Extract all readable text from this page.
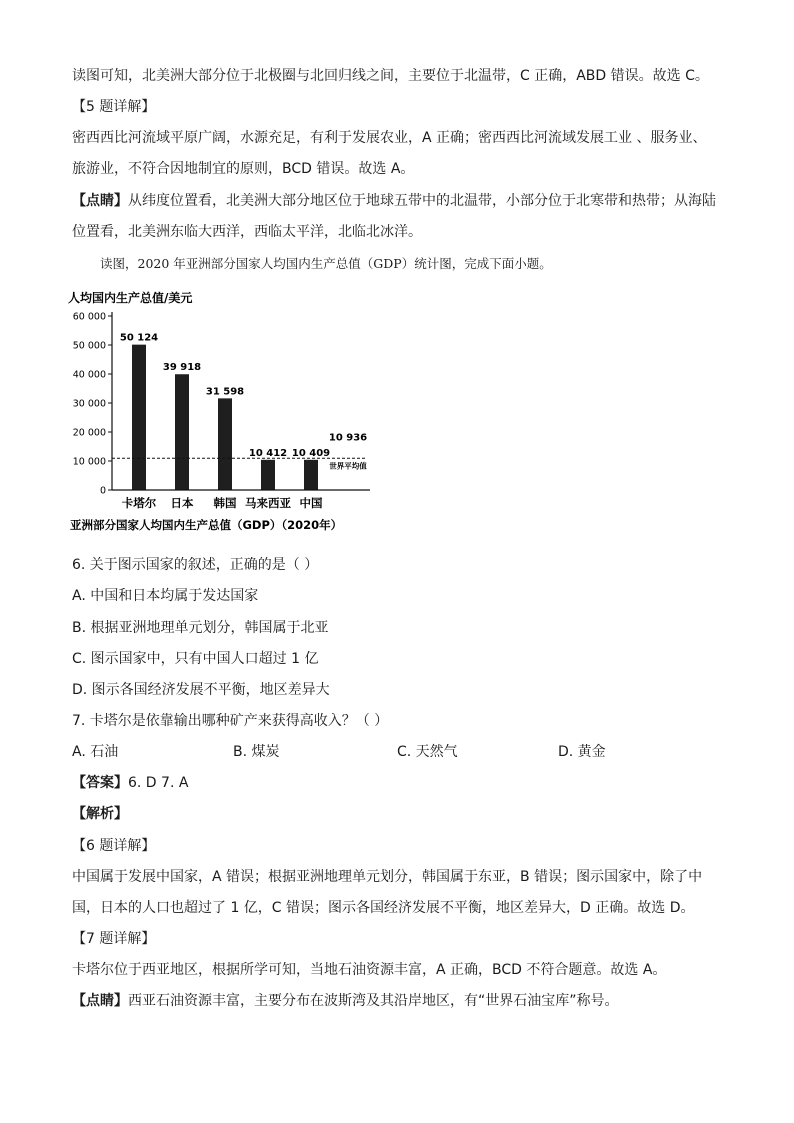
读图可知，北美洲大部分位于北极圈与北回归线之间，主要位于北温带，C 正确，ABD 错误。故选 C。
【5 题详解】
密西西比河流域平原广阔，水源充足，有利于发展农业，A 正确；密西西比河流域发展工业 、服务业、
旅游业，不符合因地制宜的原则，BCD 错误。故选 A。
【点睛】从纬度位置看，北美洲大部分地区位于地球五带中的北温带，小部分位于北寒带和热带；从海陆
位置看，北美洲东临大西洋，西临太平洋，北临北冰洋。
读图，2020 年亚洲部分国家人均国内生产总值（GDP）统计图，完成下面小题。
人均国内生产总值/美元
0
10 000
20 000
30 000
40 000
50 000
60 000
50 124
39 918
31 598
10 412 10 409
卡塔尔 日本 韩国 马来西亚 中国
亚洲部分国家人均国内生产总值（GDP）（2020年）
10 936
世界平均值
6. 关于图示国家的叙述，正确的是（ ）
A. 中国和日本均属于发达国家
B. 根据亚洲地理单元划分，韩国属于北亚
C. 图示国家中，只有中国人口超过 1 亿
D. 图示各国经济发展不平衡，地区差异大
7. 卡塔尔是依靠输出哪种矿产来获得高收入？（ ）
A. 石油	B. 煤炭	C. 天然气	D. 黄金
【答案】6. D 7. A
【解析】
【6 题详解】
中国属于发展中国家，A 错误；根据亚洲地理单元划分，韩国属于东亚，B 错误；图示国家中，除了中
国，日本的人口也超过了 1 亿，C 错误；图示各国经济发展不平衡，地区差异大，D 正确。故选 D。
【7 题详解】
卡塔尔位于西亚地区，根据所学可知，当地石油资源丰富，A 正确，BCD 不符合题意。故选 A。
【点睛】西亚石油资源丰富，主要分布在波斯湾及其沿岸地区，有“世界石油宝库”称号。
